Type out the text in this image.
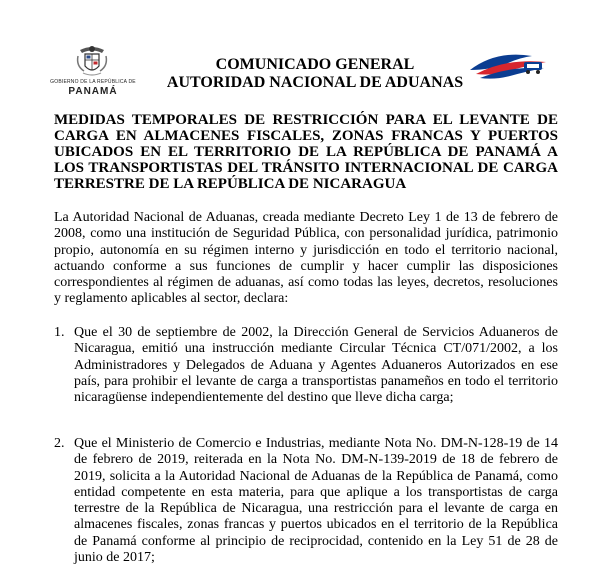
GOBIERNO DE LA REPÚBLICA DE
PANAMÁ
COMUNICADO GENERAL
AUTORIDAD NACIONAL DE ADUANAS
MEDIDAS TEMPORALES DE RESTRICCIÓN PARA EL LEVANTE DE CARGA EN ALMACENES FISCALES, ZONAS FRANCAS Y PUERTOS UBICADOS EN EL TERRITORIO DE LA REPÚBLICA DE PANAMÁ A LOS TRANSPORTISTAS DEL TRÁNSITO INTERNACIONAL DE CARGA TERRESTRE DE LA REPÚBLICA DE NICARAGUA
La Autoridad Nacional de Aduanas, creada mediante Decreto Ley 1 de 13 de febrero de 2008, como una institución de Seguridad Pública, con personalidad jurídica, patrimonio propio, autonomía en su régimen interno y jurisdicción en todo el territorio nacional, actuando conforme a sus funciones de cumplir y hacer cumplir las disposiciones correspondientes al régimen de aduanas, así como todas las leyes, decretos, resoluciones y reglamento aplicables al sector, declara:
1. Que el 30 de septiembre de 2002, la Dirección General de Servicios Aduaneros de Nicaragua, emitió una instrucción mediante Circular Técnica CT/071/2002, a los Administradores y Delegados de Aduana y Agentes Aduaneros Autorizados en ese país, para prohibir el levante de carga a transportistas panameños en todo el territorio nicaragüense independientemente del destino que lleve dicha carga;
2. Que el Ministerio de Comercio e Industrias, mediante Nota No. DM-N-128-19 de 14 de febrero de 2019, reiterada en la Nota No. DM-N-139-2019 de 18 de febrero de 2019, solicita a la Autoridad Nacional de Aduanas de la República de Panamá, como entidad competente en esta materia, para que aplique a los transportistas de carga terrestre de la República de Nicaragua, una restricción para el levante de carga en almacenes fiscales, zonas francas y puertos ubicados en el territorio de la República de Panamá conforme al principio de reciprocidad, contenido en la Ley 51 de 28 de junio de 2017;
